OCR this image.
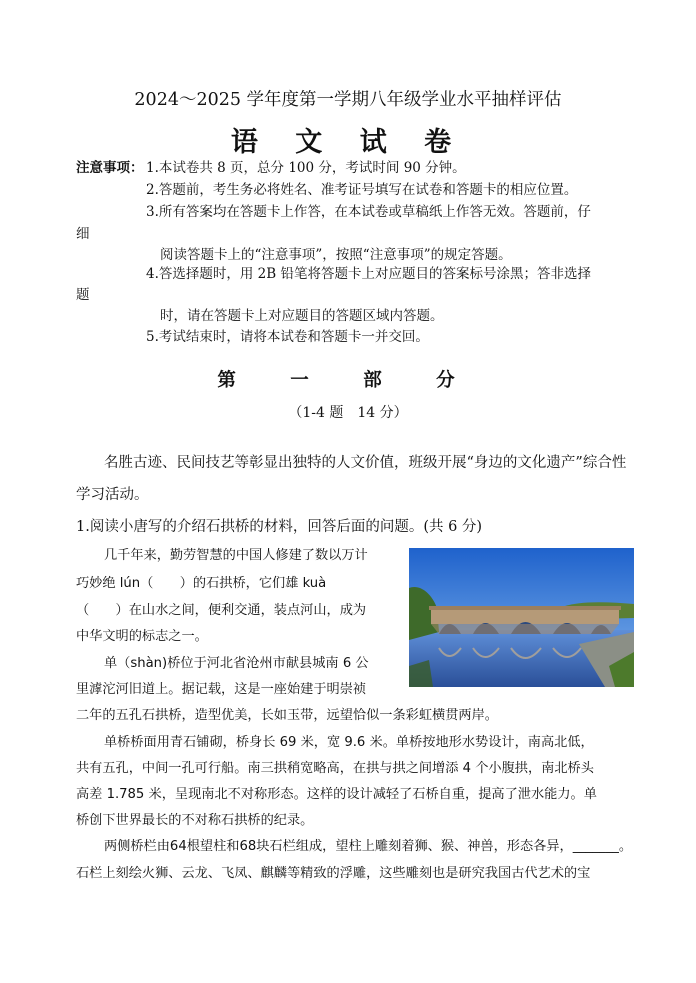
2024～2025 学年度第一学期八年级学业水平抽样评估
语 文 试 卷
注意事项： 1.本试卷共 8 页，总分 100 分，考试时间 90 分钟。
2.答题前，考生务必将姓名、准考证号填写在试卷和答题卡的相应位置。
3.所有答案均在答题卡上作答，在本试卷或草稿纸上作答无效。答题前，仔
细
阅读答题卡上的“注意事项”，按照“注意事项”的规定答题。
4.答选择题时，用 2B 铅笔将答题卡上对应题目的答案标号涂黑；答非选择
题
时，请在答题卡上对应题目的答题区域内答题。
5.考试结束时，请将本试卷和答题卡一并交回。
第 一 部 分
（1-4 题　14 分）
名胜古迹、民间技艺等彰显出独特的人文价值，班级开展“身边的文化遗产”综合性
学习活动。
1.阅读小唐写的介绍石拱桥的材料，回答后面的问题。(共 6 分)
几千年来，勤劳智慧的中国人修建了数以万计
巧妙绝 lún（　　）的石拱桥，它们雄 kuà
（　　）在山水之间，便利交通，装点河山，成为
中华文明的标志之一。
单（shàn)桥位于河北省沧州市献县城南 6 公
里滹沱河旧道上。据记载，这是一座始建于明崇祯
二年的五孔石拱桥，造型优美，长如玉带，远望恰似一条彩虹横贯两岸。
单桥桥面用青石铺砌，桥身长 69 米，宽 9.6 米。单桥按地形水势设计，南高北低，
共有五孔，中间一孔可行船。南三拱稍宽略高，在拱与拱之间增添 4 个小腹拱，南北桥头
高差 1.785 米，呈现南北不对称形态。这样的设计减轻了石桥自重，提高了泄水能力。单
桥创下世界最长的不对称石拱桥的纪录。
两侧桥栏由64根望柱和68块石栏组成，望柱上雕刻着狮、猴、神兽，形态各异，_______。
石栏上刻绘火狮、云龙、飞凤、麒麟等精致的浮雕，这些雕刻也是研究我国古代艺术的宝
